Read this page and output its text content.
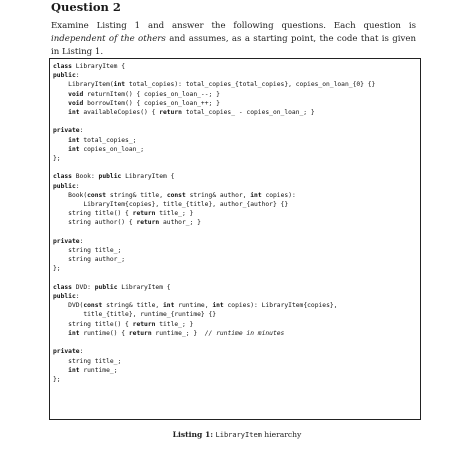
Question 2

Examine Listing 1 and answer the following questions. Each question is independent of the others and assumes, as a starting point, the code that is given in Listing 1.

class LibraryItem {
public:
LibraryItem(int total_copies): total_copies_{total_copies}, copies_on_loan_{0} {}
void returnItem() { copies_on_loan_--; }
void borrowItem() { copies_on_loan_++; }
int availableCopies() { return total_copies_ - copies_on_loan_; }

private:
int total_copies_;
int copies_on_loan_;
};

class Book: public LibraryItem {
public:
Book(const string& title, const string& author, int copies):
LibraryItem{copies}, title_{title}, author_{author} {}
string title() { return title_; }
string author() { return author_; }

private:
string title_;
string author_;
};

class DVD: public LibraryItem {
public:
DVD(const string& title, int runtime, int copies): LibraryItem{copies},
title_{title}, runtime_{runtime} {}
string title() { return title_; }
int runtime() { return runtime_; }  // runtime in minutes

private:
string title_;
int runtime_;
};
Listing 1: LibraryItem hierarchy
